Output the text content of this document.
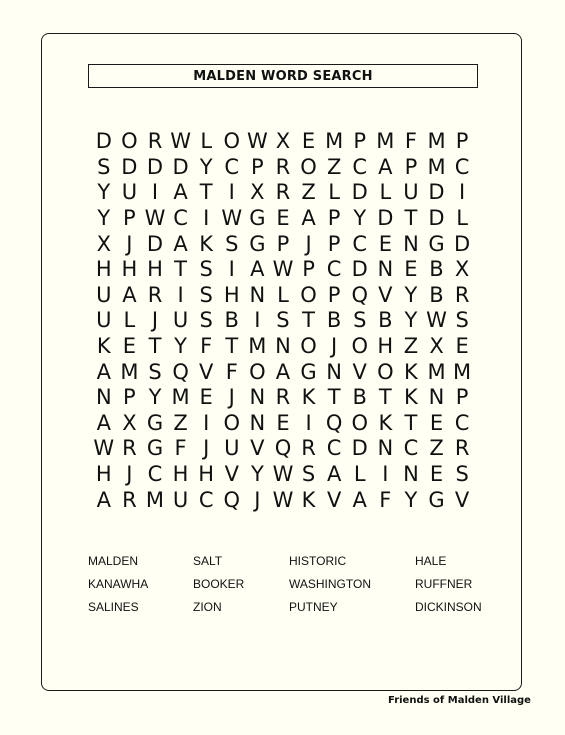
MALDEN WORD SEARCH
D O R W L O W X E M P M F M P
S D D D Y C P R O Z C A P M C
Y U I A T I X R Z L D L U D I
Y P W C I W G E A P Y D T D L
X J D A K S G P J P C E N G D
H H H T S I A W P C D N E B X
U A R I S H N L O P Q V Y B R
U L J U S B I S T B S B Y W S
K E T Y F T M N O J O H Z X E
A M S Q V F O A G N V O K M M
N P Y M E J N R K T B T K N P
A X G Z I O N E I Q O K T E C
W R G F J U V Q R C D N C Z R
H J C H H V Y W S A L I N E S
A R M U C Q J W K V A F Y G V
MALDEN	SALT	HISTORIC	HALE
KANAWHA	BOOKER	WASHINGTON	RUFFNER
SALINES	ZION	PUTNEY	DICKINSON
Friends of Malden Village
